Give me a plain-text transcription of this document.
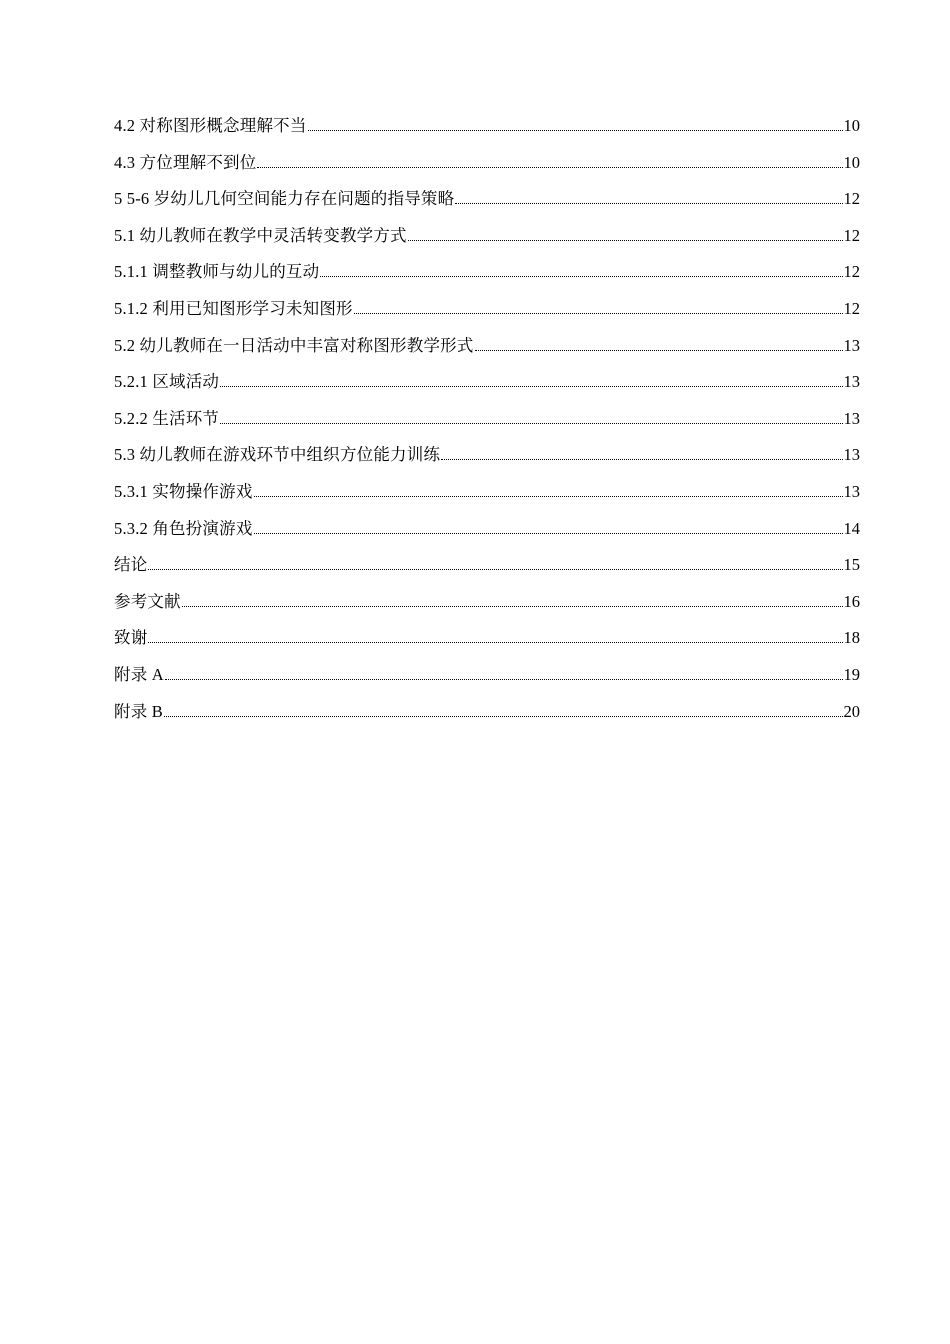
4.2 对称图形概念理解不当	10
4.3 方位理解不到位	10
5 5-6 岁幼儿几何空间能力存在问题的指导策略	12
5.1 幼儿教师在教学中灵活转变教学方式	12
5.1.1 调整教师与幼儿的互动	12
5.1.2 利用已知图形学习未知图形	12
5.2 幼儿教师在一日活动中丰富对称图形教学形式	13
5.2.1 区域活动	13
5.2.2 生活环节	13
5.3 幼儿教师在游戏环节中组织方位能力训练	13
5.3.1 实物操作游戏	13
5.3.2 角色扮演游戏	14
结论	15
参考文献	16
致谢	18
附录 A	19
附录 B	20
